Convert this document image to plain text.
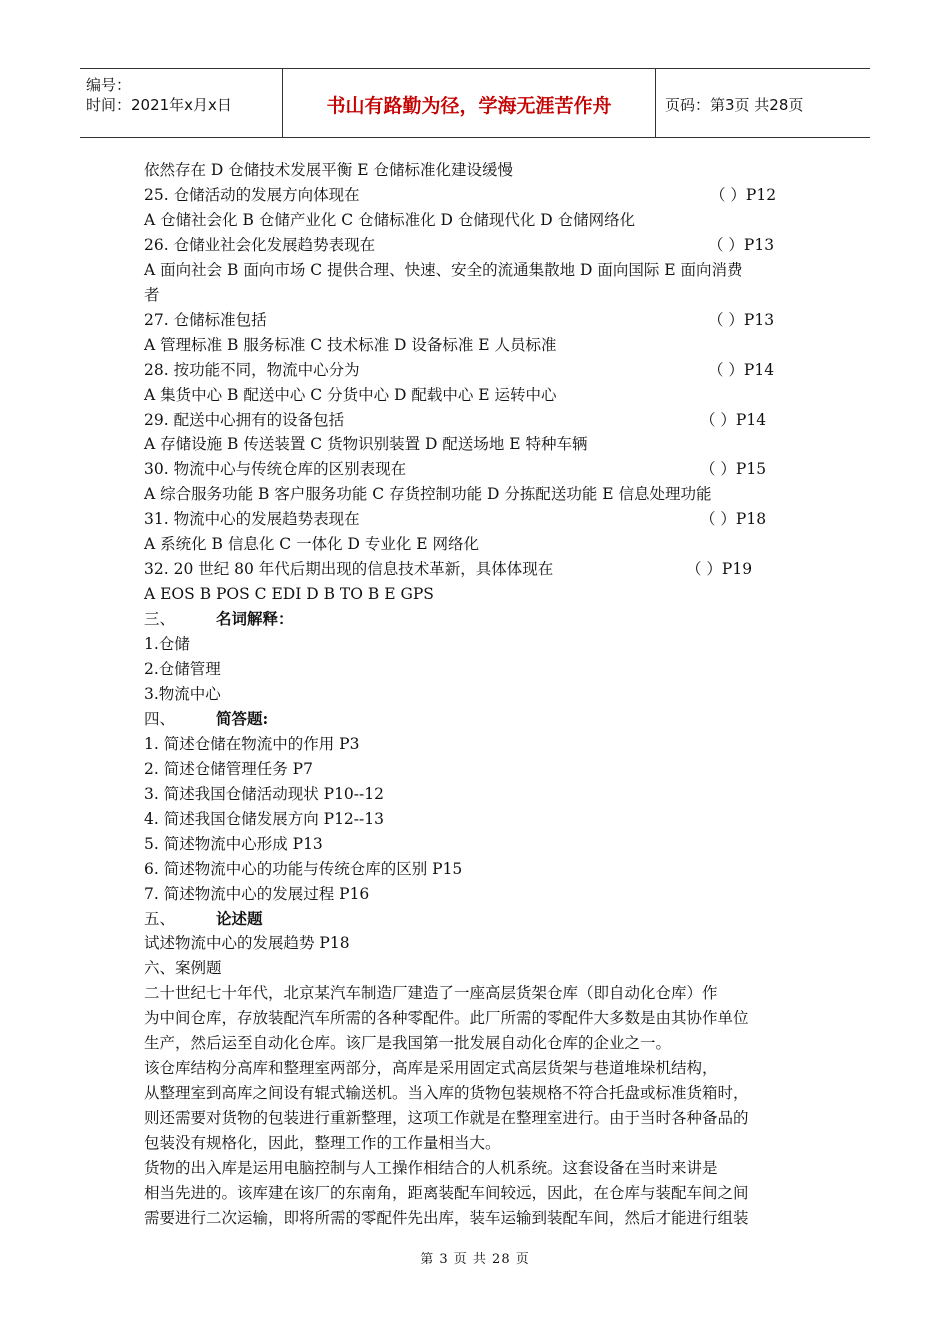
编号：
时间：2021年x月x日	书山有路勤为径，学海无涯苦作舟	页码：第3页 共28页
依然存在 D 仓储技术发展平衡 E 仓储标准化建设缓慢
25. 仓储活动的发展方向体现在	（ ）P12
A 仓储社会化 B 仓储产业化 C 仓储标准化 D 仓储现代化 D 仓储网络化
26. 仓储业社会化发展趋势表现在	（ ）P13
A 面向社会 B 面向市场 C 提供合理、快速、安全的流通集散地 D 面向国际 E 面向消费
者
27. 仓储标准包括	（ ）P13
A 管理标准 B 服务标准 C 技术标准 D 设备标准 E 人员标准
28. 按功能不同，物流中心分为	（ ）P14
A 集货中心 B 配送中心 C 分货中心 D 配载中心 E 运转中心
29. 配送中心拥有的设备包括	（ ）P14
A 存储设施 B 传送装置 C 货物识别装置 D 配送场地 E 特种车辆
30. 物流中心与传统仓库的区别表现在	（ ）P15
A 综合服务功能 B 客户服务功能 C 存货控制功能 D 分拣配送功能 E 信息处理功能
31. 物流中心的发展趋势表现在	（ ）P18
A 系统化 B 信息化 C 一体化 D 专业化 E 网络化
32. 20 世纪 80 年代后期出现的信息技术革新，具体体现在	（ ）P19
A EOS B POS C EDI D B TO B E GPS
三、	名词解释：
1.仓储
2.仓储管理
3.物流中心
四、	简答题:
1. 简述仓储在物流中的作用 P3
2. 简述仓储管理任务 P7
3. 简述我国仓储活动现状 P10--12
4. 简述我国仓储发展方向 P12--13
5. 简述物流中心形成 P13
6. 简述物流中心的功能与传统仓库的区别 P15
7. 简述物流中心的发展过程 P16
五、	论述题
试述物流中心的发展趋势 P18
六、案例题
二十世纪七十年代，北京某汽车制造厂建造了一座高层货架仓库（即自动化仓库）作
为中间仓库，存放装配汽车所需的各种零配件。此厂所需的零配件大多数是由其协作单位
生产，然后运至自动化仓库。该厂是我国第一批发展自动化仓库的企业之一。
该仓库结构分高库和整理室两部分，高库是采用固定式高层货架与巷道堆垛机结构，
从整理室到高库之间设有辊式输送机。当入库的货物包装规格不符合托盘或标准货箱时，
则还需要对货物的包装进行重新整理，这项工作就是在整理室进行。由于当时各种备品的
包装没有规格化，因此，整理工作的工作量相当大。
货物的出入库是运用电脑控制与人工操作相结合的人机系统。这套设备在当时来讲是
相当先进的。该库建在该厂的东南角，距离装配车间较远，因此，在仓库与装配车间之间
需要进行二次运输，即将所需的零配件先出库，装车运输到装配车间，然后才能进行组装
第 3 页 共 28 页
